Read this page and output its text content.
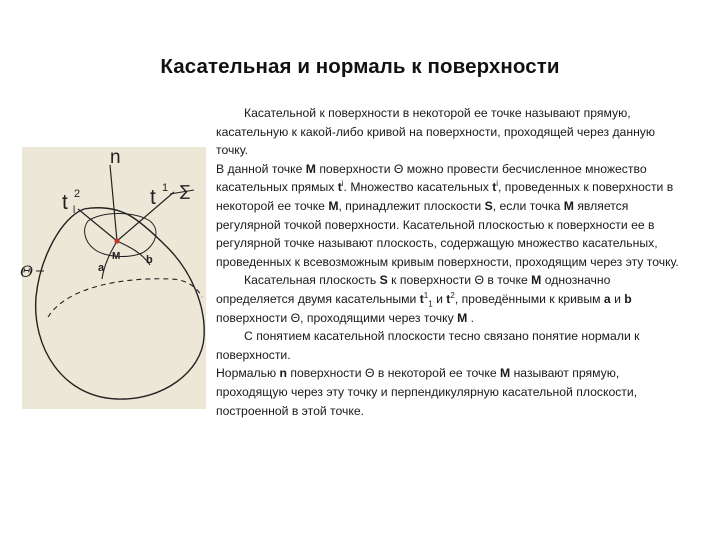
Касательная и нормаль к поверхности
n
t 1
t 2
l
M
a
b
∑
Θ

Касательной к поверхности в некоторой ее точке называют прямую, касательную к какой-либо кривой на поверхности, проходящей через данную точку.

В данной точке M поверхности Θ можно провести бесчисленное множество касательных прямых $t^i$. Множество касательных $t^i$, проведенных к поверхности в некоторой ее точке M, принадлежит плоскости S, если точка M является регулярной точкой поверхности. Касательной плоскостью к поверхности ее в регулярной точке называют плоскость, содержащую множество касательных, проведенных к всевозможным кривым поверхности, проходящим через эту точку.

Касательная плоскость S к поверхности Θ в точке M однозначно определяется двумя касательными $t^1_1$ и $t^2$, проведёнными к кривым a и b поверхности Θ, проходящими через точку M .

С понятием касательной плоскости тесно связано понятие нормали к поверхности.

Нормалью n поверхности Θ в некоторой ее точке M называют прямую, проходящую через эту точку и перпендикулярную касательной плоскости, построенной в этой точке.
